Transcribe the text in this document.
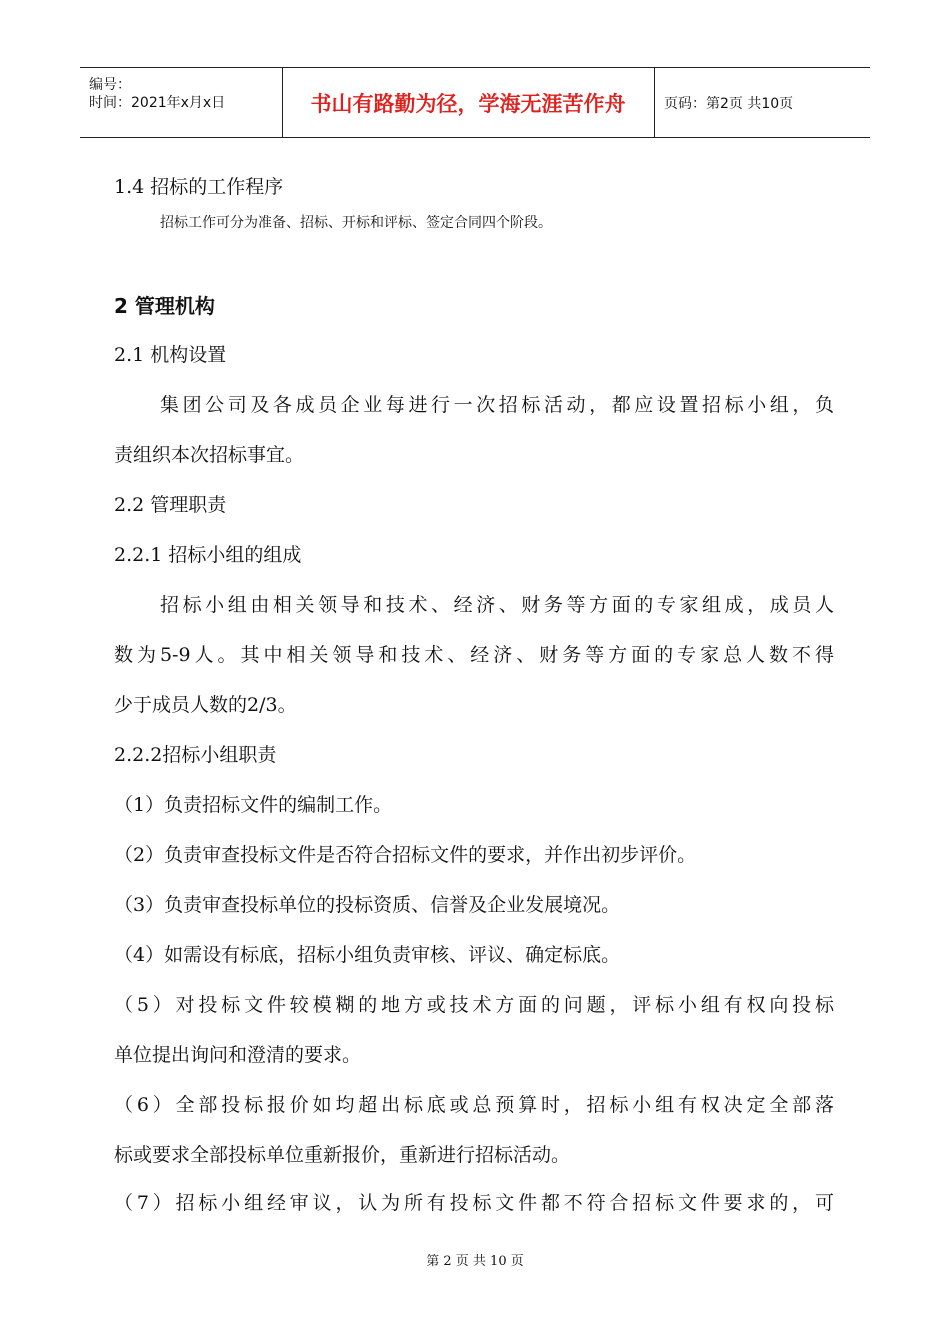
编号：
时间：2021年x月x日	书山有路勤为径，学海无涯苦作舟	页码：第2页 共10页
1.4 招标的工作程序
招标工作可分为准备、招标、开标和评标、签定合同四个阶段。
2 管理机构
2.1 机构设置
集团公司及各成员企业每进行一次招标活动，都应设置招标小组，负
责组织本次招标事宜。
2.2 管理职责
2.2.1 招标小组的组成
招标小组由相关领导和技术、经济、财务等方面的专家组成，成员人
数为5-9人。其中相关领导和技术、经济、财务等方面的专家总人数不得
少于成员人数的2/3。
2.2.2招标小组职责
（1）负责招标文件的编制工作。
（2）负责审查投标文件是否符合招标文件的要求，并作出初步评价。
（3）负责审查投标单位的投标资质、信誉及企业发展境况。
（4）如需设有标底，招标小组负责审核、评议、确定标底。
（5）对投标文件较模糊的地方或技术方面的问题，评标小组有权向投标
单位提出询问和澄清的要求。
（6）全部投标报价如均超出标底或总预算时，招标小组有权决定全部落
标或要求全部投标单位重新报价，重新进行招标活动。
（7）招标小组经审议，认为所有投标文件都不符合招标文件要求的，可
第 2 页 共 10 页
